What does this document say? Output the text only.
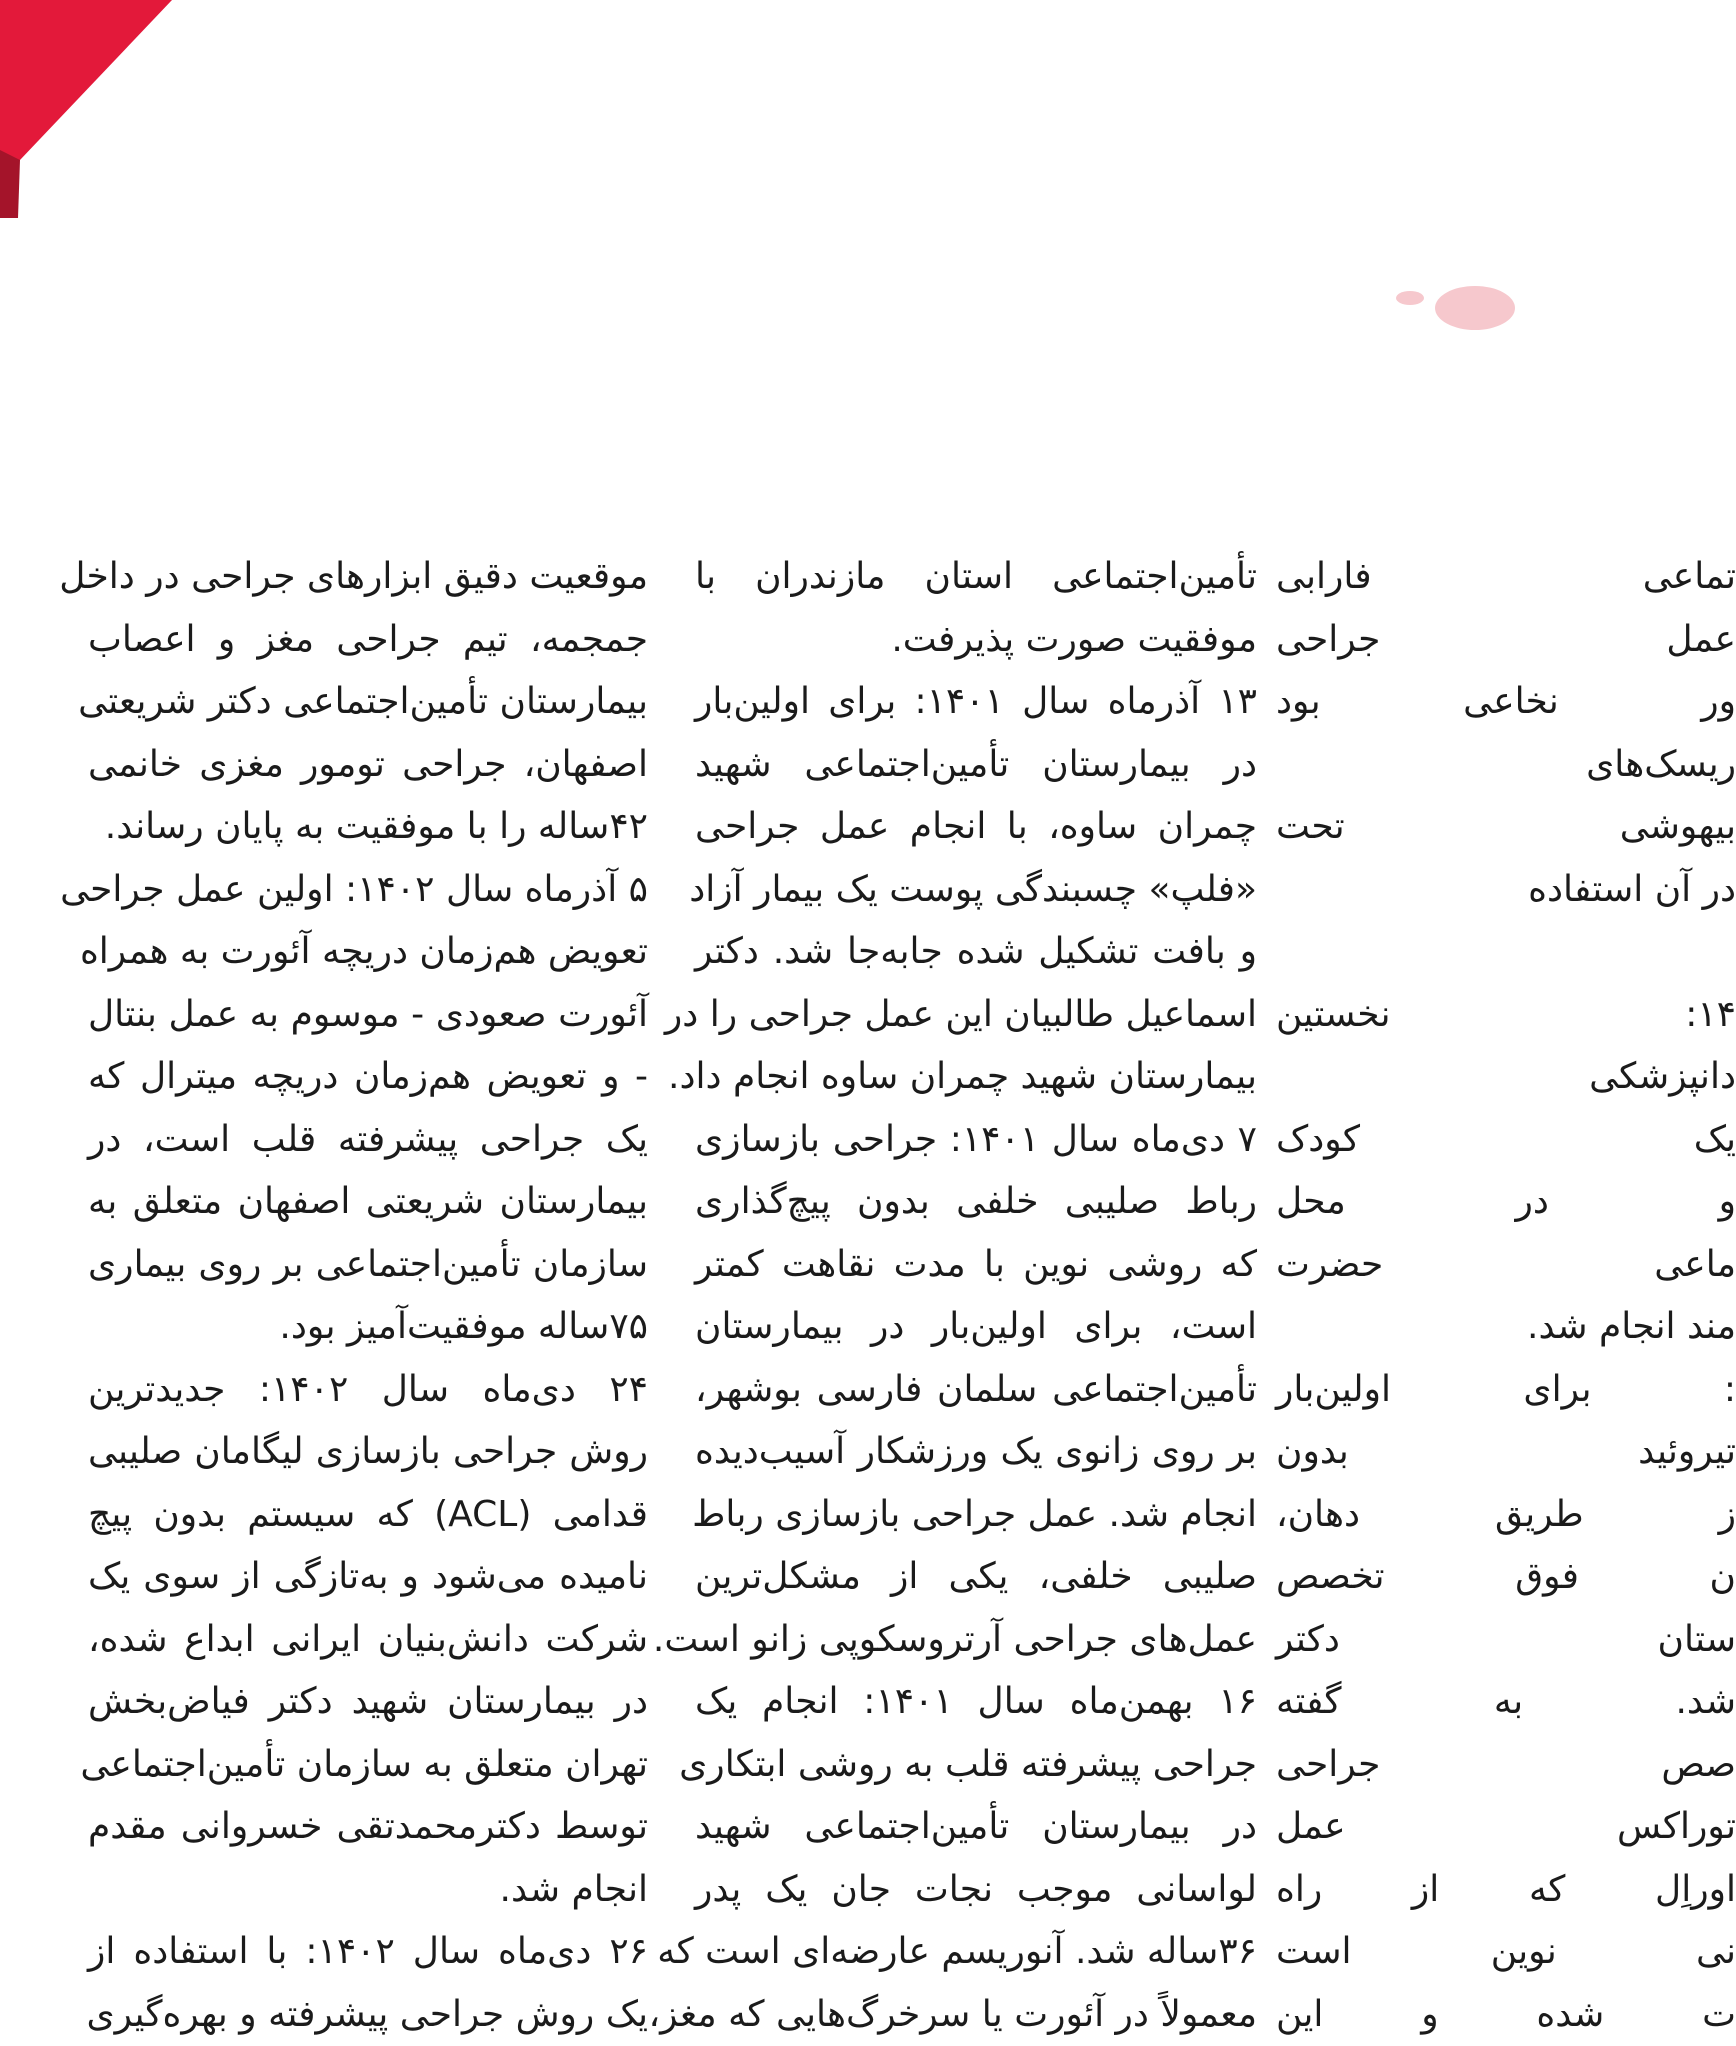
تماعی فارابی
عمل جراحی
ور نخاعی بود
ریسک‌های
بیهوشی تحت
در آن استفاده

۱۴: نخستین
دانپزشکی
یک کودک
و در محل
ماعی حضرت
مند انجام شد.
: برای اولین‌بار
تیروئید بدون
ز طریق دهان،
ن فوق تخصص
ستان دکتر
شد. به گفته
صص جراحی
توراکس عمل
اوراِل که از راه
نی نوین است
ت شده و این
تأمین‌اجتماعی استان مازندران با
موفقیت صورت پذیرفت.
۱۳ آذرماه سال ۱۴۰۱: برای اولین‌بار
در بیمارستان تأمین‌اجتماعی شهید
چمران ساوه، با انجام عمل جراحی
«فلپ» چسبندگی پوست یک بیمار آزاد
و بافت تشکیل شده جابه‌جا شد. دکتر
اسماعیل طالبیان این عمل جراحی را در
بیمارستان شهید چمران ساوه انجام داد.
۷ دی‌ماه سال ۱۴۰۱: جراحی بازسازی
رباط صلیبی خلفی بدون پیچ‌گذاری
که روشی نوین با مدت نقاهت کمتر
است، برای اولین‌بار در بیمارستان
تأمین‌اجتماعی سلمان فارسی بوشهر،
بر روی زانوی یک ورزشکار آسیب‌دیده
انجام شد. عمل جراحی بازسازی رباط
صلیبی خلفی، یکی از مشکل‌ترین
عمل‌های جراحی آرتروسکوپی زانو است.
۱۶ بهمن‌ماه سال ۱۴۰۱: انجام یک
جراحی پیشرفته قلب به روشی ابتکاری
در بیمارستان تأمین‌اجتماعی شهید
لواسانی موجب نجات جان یک پدر
۳۶ساله شد. آنوریسم عارضه‌ای است که
معمولاً در آئورت یا سرخرگ‌هایی که مغز،
موقعیت دقیق ابزارهای جراحی در داخل
جمجمه، تیم جراحی مغز و اعصاب
بیمارستان تأمین‌اجتماعی دکتر شریعتی
اصفهان، جراحی تومور مغزی خانمی
۴۲ساله را با موفقیت به پایان رساند.
۵ آذرماه سال ۱۴۰۲: اولین عمل جراحی
تعویض هم‌زمان دریچه آئورت به همراه
آئورت صعودی - موسوم به عمل بنتال
- و تعویض هم‌زمان دریچه میترال که
یک جراحی پیشرفته قلب است، در
بیمارستان شریعتی اصفهان متعلق به
سازمان تأمین‌اجتماعی بر روی بیماری
۷۵ساله موفقیت‌آمیز بود.
۲۴ دی‌ماه سال ۱۴۰۲: جدیدترین
روش جراحی بازسازی لیگامان صلیبی
قدامی (ACL) که سیستم بدون پیچ
نامیده می‌شود و به‌تازگی از سوی یک
شرکت دانش‌بنیان ایرانی ابداع شده،
در بیمارستان شهید دکتر فیاض‌بخش
تهران متعلق به سازمان تأمین‌اجتماعی
توسط دکترمحمدتقی خسروانی مقدم
انجام شد.
۲۶ دی‌ماه سال ۱۴۰۲: با استفاده از
یک روش جراحی پیشرفته و بهره‌گیری
